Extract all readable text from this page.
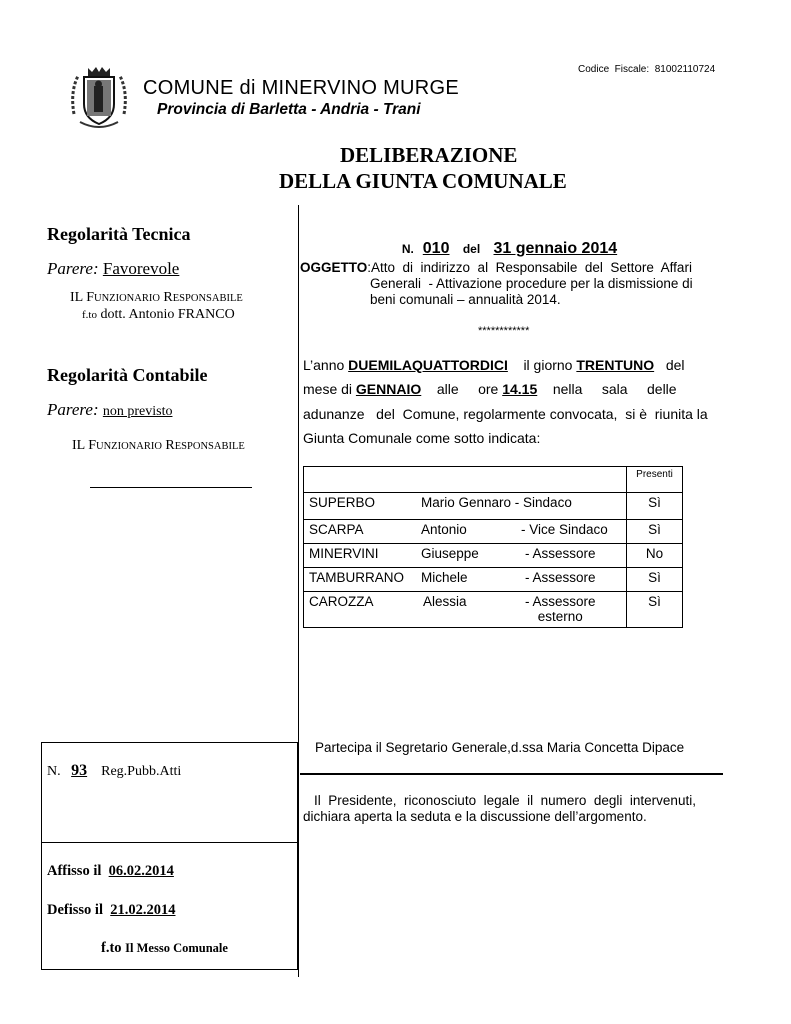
Codice  Fiscale:  81002110724
COMUNE di MINERVINO MURGE
Provincia di Barletta - Andria - Trani
DELIBERAZIONE
DELLA GIUNTA COMUNALE
Regolarità Tecnica
Parere: Favorevole
IL FUNZIONARIO RESPONSABILE
f.to dott. Antonio FRANCO
Regolarità Contabile
Parere: non previsto
IL FUNZIONARIO RESPONSABILE
N. 93 Reg.Pubb.Atti
Affisso il 06.02.2014
Defisso il 21.02.2014
f.to Il Messo Comunale

N. 010 del 31 gennaio 2014

OGGETTO:Atto  di  indirizzo  al  Responsabile  del  Settore  Affari
Generali  - Attivazione procedure per la dismissione di
beni comunali – annualità 2014.
************
L’anno DUEMILAQUATTORDICI il giorno TRENTUNO del
mese di GENNAIO alle ore 14.15 nella sala delle
adunanze   del  Comune, regolarmente convocata,  si è  riunita la
Giunta Comunale come sotto indicata:
	Presenti
SUPERBO Mario Gennaro - Sindaco	Sì
SCARPA Antonio - Vice Sindaco	Sì
MINERVINI Giuseppe - Assessore	No
TAMBURRANO Michele - Assessore	Sì
CAROZZA Alessia - Assessore
esterno	Sì
Partecipa il Segretario Generale,d.ssa Maria Concetta Dipace
Il  Presidente,  riconosciuto  legale  il  numero  degli  intervenuti,
dichiara aperta la seduta e la discussione dell’argomento.
